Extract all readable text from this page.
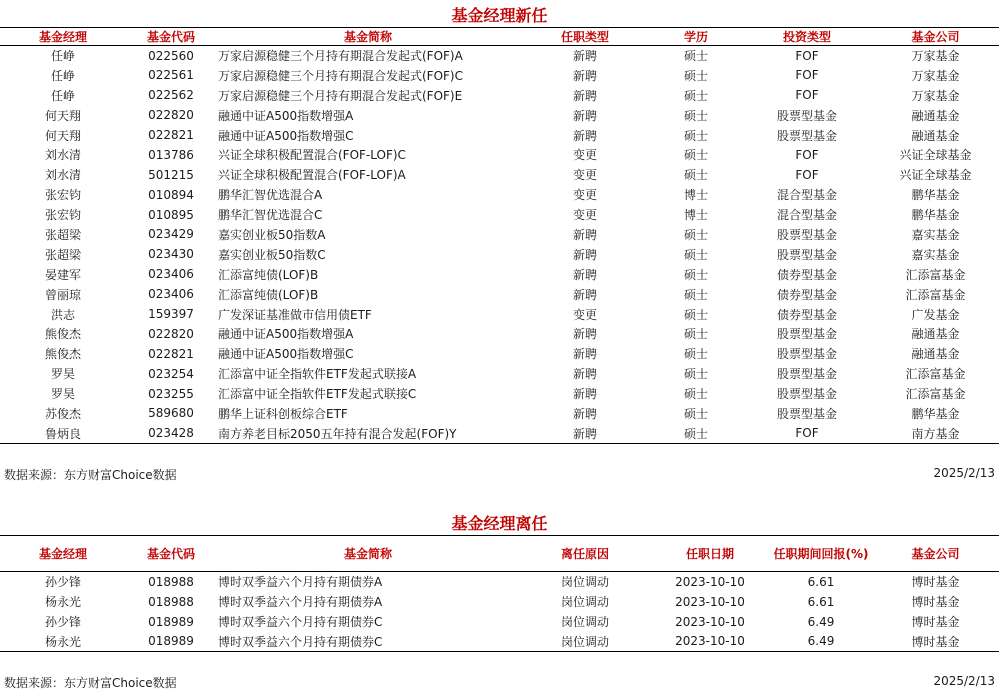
基金经理新任
基金经理	基金代码	基金简称	任职类型	学历	投资类型	基金公司
任峥	022560	万家启源稳健三个月持有期混合发起式(FOF)A	新聘	硕士	FOF	万家基金
任峥	022561	万家启源稳健三个月持有期混合发起式(FOF)C	新聘	硕士	FOF	万家基金
任峥	022562	万家启源稳健三个月持有期混合发起式(FOF)E	新聘	硕士	FOF	万家基金
何天翔	022820	融通中证A500指数增强A	新聘	硕士	股票型基金	融通基金
何天翔	022821	融通中证A500指数增强C	新聘	硕士	股票型基金	融通基金
刘水清	013786	兴证全球积极配置混合(FOF-LOF)C	变更	硕士	FOF	兴证全球基金
刘水清	501215	兴证全球积极配置混合(FOF-LOF)A	变更	硕士	FOF	兴证全球基金
张宏钧	010894	鹏华汇智优选混合A	变更	博士	混合型基金	鹏华基金
张宏钧	010895	鹏华汇智优选混合C	变更	博士	混合型基金	鹏华基金
张超梁	023429	嘉实创业板50指数A	新聘	硕士	股票型基金	嘉实基金
张超梁	023430	嘉实创业板50指数C	新聘	硕士	股票型基金	嘉实基金
晏建军	023406	汇添富纯债(LOF)B	新聘	硕士	债券型基金	汇添富基金
曾丽琼	023406	汇添富纯债(LOF)B	新聘	硕士	债券型基金	汇添富基金
洪志	159397	广发深证基准做市信用债ETF	变更	硕士	债券型基金	广发基金
熊俊杰	022820	融通中证A500指数增强A	新聘	硕士	股票型基金	融通基金
熊俊杰	022821	融通中证A500指数增强C	新聘	硕士	股票型基金	融通基金
罗昊	023254	汇添富中证全指软件ETF发起式联接A	新聘	硕士	股票型基金	汇添富基金
罗昊	023255	汇添富中证全指软件ETF发起式联接C	新聘	硕士	股票型基金	汇添富基金
苏俊杰	589680	鹏华上证科创板综合ETF	新聘	硕士	股票型基金	鹏华基金
鲁炳良	023428	南方养老目标2050五年持有混合发起(FOF)Y	新聘	硕士	FOF	南方基金
数据来源：东方财富Choice数据	2025/2/13
基金经理离任
基金经理	基金代码	基金简称	离任原因	任职日期	任职期间回报(%)	基金公司
孙少锋	018988	博时双季益六个月持有期债券A	岗位调动	2023-10-10	6.61	博时基金
杨永光	018988	博时双季益六个月持有期债券A	岗位调动	2023-10-10	6.61	博时基金
孙少锋	018989	博时双季益六个月持有期债券C	岗位调动	2023-10-10	6.49	博时基金
杨永光	018989	博时双季益六个月持有期债券C	岗位调动	2023-10-10	6.49	博时基金
数据来源：东方财富Choice数据	2025/2/13
